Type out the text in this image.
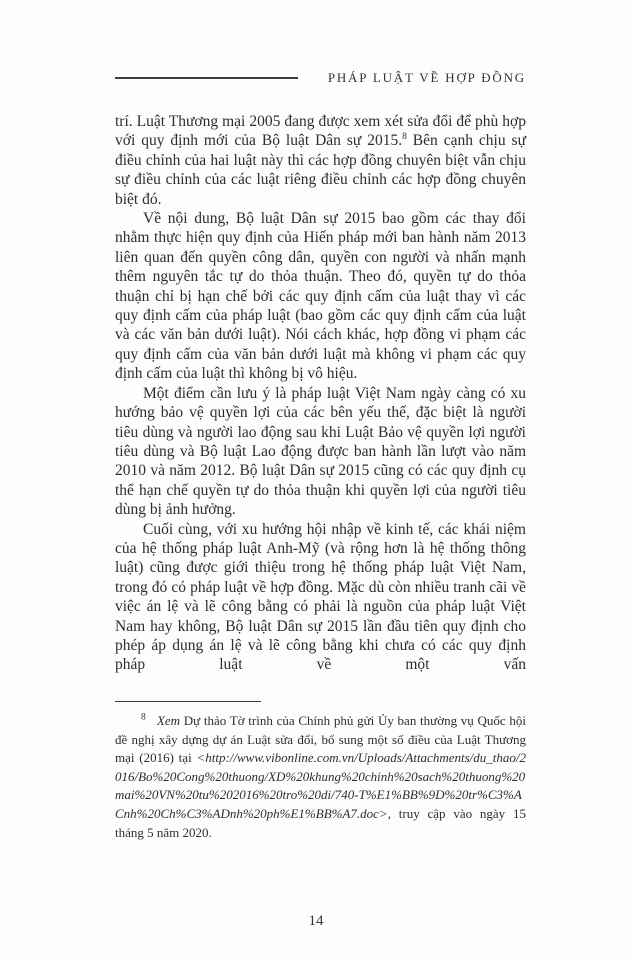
PHÁP LUẬT VỀ HỢP ĐỒNG

trí. Luật Thương mại 2005 đang được xem xét sửa đổi để phù hợp với quy định mới của Bộ luật Dân sự 2015.$^8$ Bên cạnh chịu sự điều chỉnh của hai luật này thì các hợp đồng chuyên biệt vẫn chịu sự điều chỉnh của các luật riêng điều chỉnh các hợp đồng chuyên biệt đó.

Về nội dung, Bộ luật Dân sự 2015 bao gồm các thay đổi nhằm thực hiện quy định của Hiến pháp mới ban hành năm 2013 liên quan đến quyền công dân, quyền con người và nhấn mạnh thêm nguyên tắc tự do thỏa thuận. Theo đó, quyền tự do thỏa thuận chỉ bị hạn chế bởi các quy định cấm của luật thay vì các quy định cấm của pháp luật (bao gồm các quy định cấm của luật và các văn bản dưới luật). Nói cách khác, hợp đồng vi phạm các quy định cấm của văn bản dưới luật mà không vi phạm các quy định cấm của luật thì không bị vô hiệu.

Một điểm cần lưu ý là pháp luật Việt Nam ngày càng có xu hướng bảo vệ quyền lợi của các bên yếu thế, đặc biệt là người tiêu dùng và người lao động sau khi Luật Bảo vệ quyền lợi người tiêu dùng và Bộ luật Lao động được ban hành lần lượt vào năm 2010 và năm 2012. Bộ luật Dân sự 2015 cũng có các quy định cụ thể hạn chế quyền tự do thỏa thuận khi quyền lợi của người tiêu dùng bị ảnh hưởng.

Cuối cùng, với xu hướng hội nhập về kinh tế, các khái niệm của hệ thống pháp luật Anh-Mỹ (và rộng hơn là hệ thống thông luật) cũng được giới thiệu trong hệ thống pháp luật Việt Nam, trong đó có pháp luật về hợp đồng. Mặc dù còn nhiều tranh cãi về việc án lệ và lẽ công bằng có phải là nguồn của pháp luật Việt Nam hay không, Bộ luật Dân sự 2015 lần đầu tiên quy định cho phép áp dụng án lệ và lẽ công bằng khi chưa có các quy định pháp luật về một vấn

$^8$ Xem Dự thảo Tờ trình của Chính phủ gửi Ủy ban thường vụ Quốc hội đề nghị xây dựng dự án Luật sửa đổi, bổ sung một số điều của Luật Thương mại (2016) tại <http://www.vibonline.com.vn/Uploads/Attachments/du_thao/2016/Bo%20Cong%20thuong/XD%20khung%20chinh%20sach%20thuong%20mai%20VN%20tu%202016%20tro%20di/740-T%E1%BB%9D%20tr%C3%ACnh%20Ch%C3%ADnh%20ph%E1%BB%A7.doc>, truy cập vào ngày 15 tháng 5 năm 2020.
14
